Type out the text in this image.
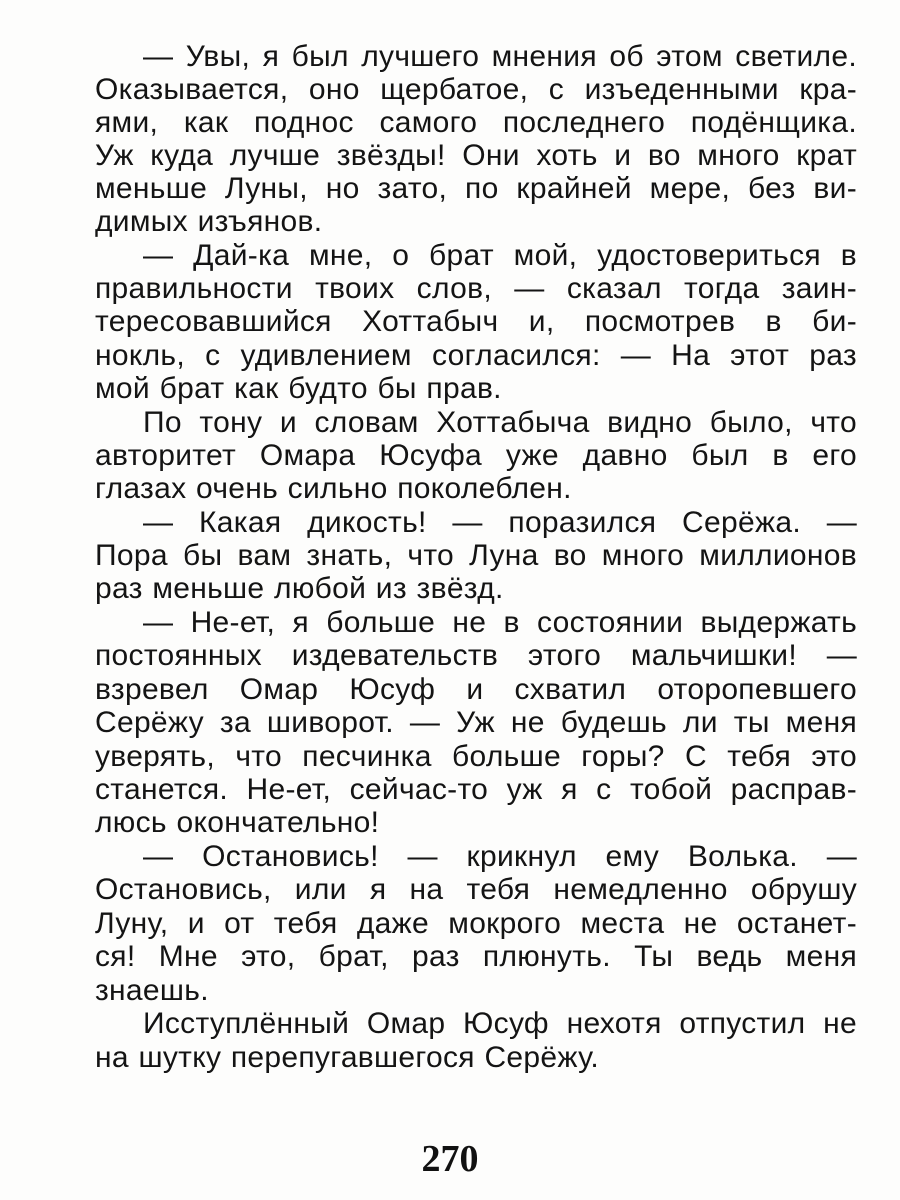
— Увы, я был лучшего мнения об этом светиле.
Оказывается, оно щербатое, с изъеденными кра-
ями, как поднос самого последнего подёнщика.
Уж куда лучше звёзды! Они хоть и во много крат
меньше Луны, но зато, по крайней мере, без ви-
димых изъянов.
— Дай-ка мне, о брат мой, удостовериться в
правильности твоих слов, — сказал тогда заин-
тересовавшийся Хоттабыч и, посмотрев в би-
нокль, с удивлением согласился: — На этот раз
мой брат как будто бы прав.
По тону и словам Хоттабыча видно было, что
авторитет Омара Юсуфа уже давно был в его
глазах очень сильно поколеблен.
— Какая дикость! — поразился Серёжа. —
Пора бы вам знать, что Луна во много миллионов
раз меньше любой из звёзд.
— Не-ет, я больше не в состоянии выдержать
постоянных издевательств этого мальчишки! —
взревел Омар Юсуф и схватил оторопевшего
Серёжу за шиворот. — Уж не будешь ли ты меня
уверять, что песчинка больше горы? С тебя это
станется. Не-ет, сейчас-то уж я с тобой расправ-
люсь окончательно!
— Остановись! — крикнул ему Волька. —
Остановись, или я на тебя немедленно обрушу
Луну, и от тебя даже мокрого места не останет-
ся! Мне это, брат, раз плюнуть. Ты ведь меня
знаешь.
Исступлённый Омар Юсуф нехотя отпустил не
на шутку перепугавшегося Серёжу.
270
